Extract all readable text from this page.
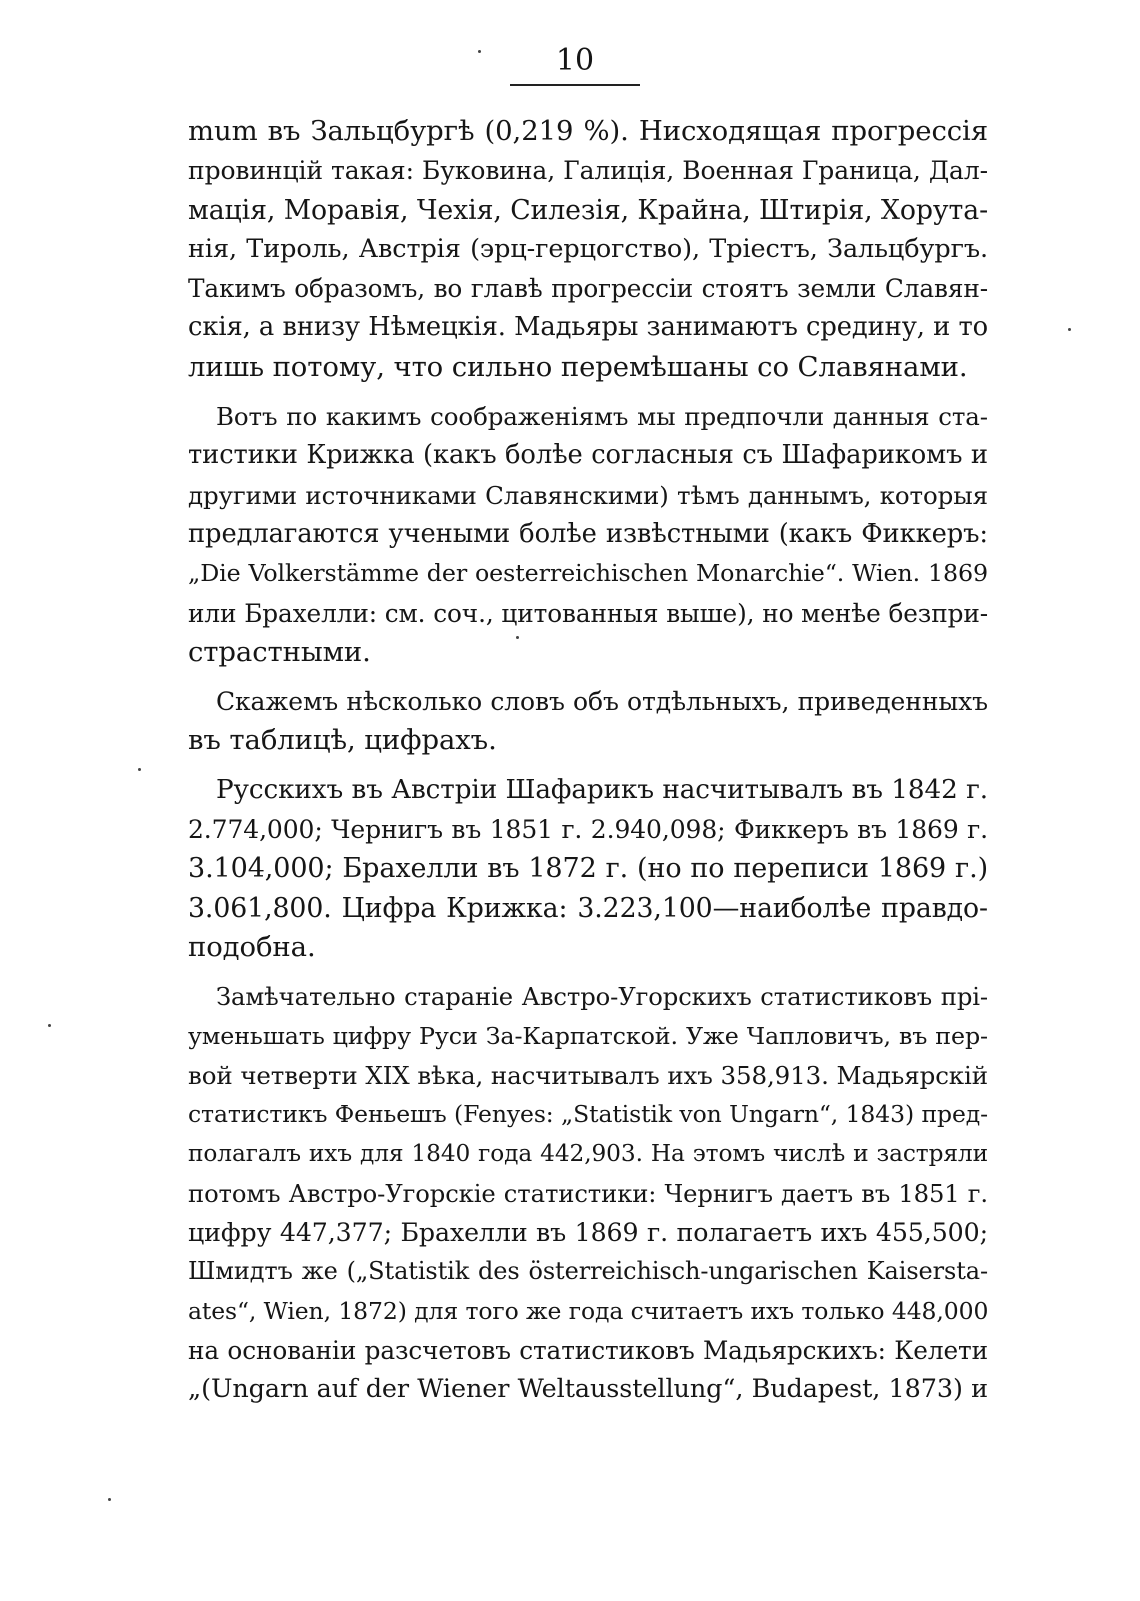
10
mum въ Зальцбургѣ (0,219 %). Нисходящая прогрессія
провинцій такая: Буковина, Галиція, Военная Граница, Дал-
мація, Моравія, Чехія, Силезія, Крайна, Штирія, Хорута-
нія, Тироль, Австрія (эрц-герцогство), Тріестъ, Зальцбургъ.
Такимъ образомъ, во главѣ прогрессіи стоятъ земли Славян-
скія, а внизу Нѣмецкія. Мадьяры занимаютъ средину, и то
лишь потому, что сильно перемѣшаны со Славянами.
Вотъ по какимъ соображеніямъ мы предпочли данныя ста-
тистики Крижка (какъ болѣе согласныя съ Шафарикомъ и
другими источниками Славянскими) тѣмъ даннымъ, которыя
предлагаются учеными болѣе извѣстными (какъ Фиккеръ:
„Die Volkerstämme der oesterreichischen Monarchie“. Wien. 1869
или Брахелли: см. соч., цитованныя выше), но менѣе безпри-
страстными.
Скажемъ нѣсколько словъ объ отдѣльныхъ, приведенныхъ
въ таблицѣ, цифрахъ.
Русскихъ въ Австріи Шафарикъ насчитывалъ въ 1842 г.
2.774,000; Чернигъ въ 1851 г. 2.940,098; Фиккеръ въ 1869 г.
3.104,000; Брахелли въ 1872 г. (но по переписи 1869 г.)
3.061,800. Цифра Крижка: 3.223,100—наиболѣе правдо-
подобна.
Замѣчательно стараніе Австро-Угорскихъ статистиковъ прі-
уменьшать цифру Руси За-Карпатской. Уже Чапловичъ, въ пер-
вой четверти XIX вѣка, насчитывалъ ихъ 358,913. Мадьярскій
статистикъ Феньешъ (Fenyes: „Statistik von Ungarn“, 1843) пред-
полагалъ ихъ для 1840 года 442,903. На этомъ числѣ и застряли
потомъ Австро-Угорскіе статистики: Чернигъ даетъ въ 1851 г.
цифру 447,377; Брахелли въ 1869 г. полагаетъ ихъ 455,500;
Шмидтъ же („Statistik des österreichisch-ungarischen Kaiserstа-
ates“, Wien, 1872) для того же года считаетъ ихъ только 448,000
на основаніи разсчетовъ статистиковъ Мадьярскихъ: Келети
„(Ungarn auf der Wiener Weltausstellung“, Budapest, 1873) и
